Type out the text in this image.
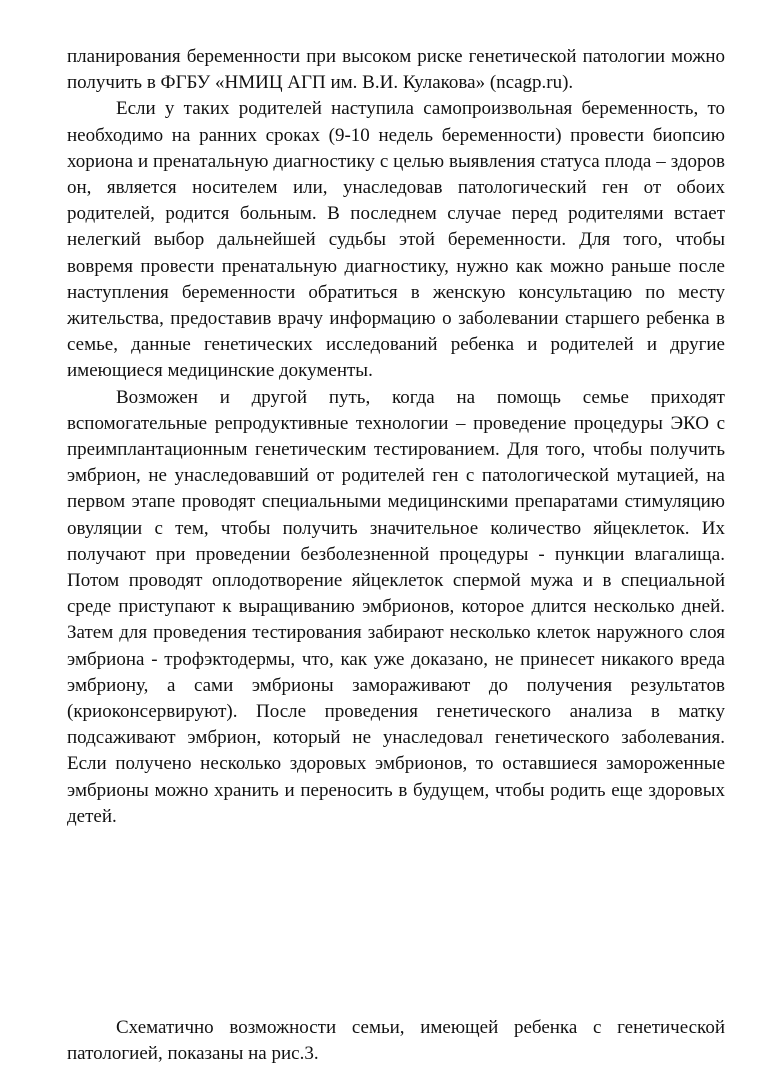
планирования беременности при высоком риске генетической патологии можно получить в ФГБУ «НМИЦ АГП им. В.И. Кулакова» (ncagp.ru).

Если у таких родителей наступила самопроизвольная беременность, то необходимо на ранних сроках (9-10 недель беременности) провести биопсию хориона и пренатальную диагностику с целью выявления статуса плода – здоров он, является носителем или, унаследовав патологический ген от обоих родителей, родится больным. В последнем случае перед родителями встает нелегкий выбор дальнейшей судьбы этой беременности. Для того, чтобы вовремя провести пренатальную диагностику, нужно как можно раньше после наступления беременности обратиться в женскую консультацию по месту жительства, предоставив врачу информацию о заболевании старшего ребенка в семье, данные генетических исследований ребенка и родителей и другие имеющиеся медицинские документы.

Возможен и другой путь, когда на помощь семье приходят вспомогательные репродуктивные технологии – проведение процедуры ЭКО с преимплантационным генетическим тестированием. Для того, чтобы получить эмбрион, не унаследовавший от родителей ген с патологической мутацией, на первом этапе проводят специальными медицинскими препаратами стимуляцию овуляции с тем, чтобы получить значительное количество яйцеклеток. Их получают при проведении безболезненной процедуры - пункции влагалища. Потом проводят оплодотворение яйцеклеток спермой мужа и в специальной среде приступают к выращиванию эмбрионов, которое длится несколько дней. Затем для проведения тестирования забирают несколько клеток наружного слоя эмбриона - трофэктодермы, что, как уже доказано, не принесет никакого вреда эмбриону, а сами эмбрионы замораживают до получения результатов (криоконсервируют). После проведения генетического анализа в матку подсаживают эмбрион, который не унаследовал генетического заболевания. Если получено несколько здоровых эмбрионов, то оставшиеся замороженные эмбрионы можно хранить и переносить в будущем, чтобы родить еще здоровых детей.

Схематично возможности семьи, имеющей ребенка с генетической патологией, показаны на рис.3.
